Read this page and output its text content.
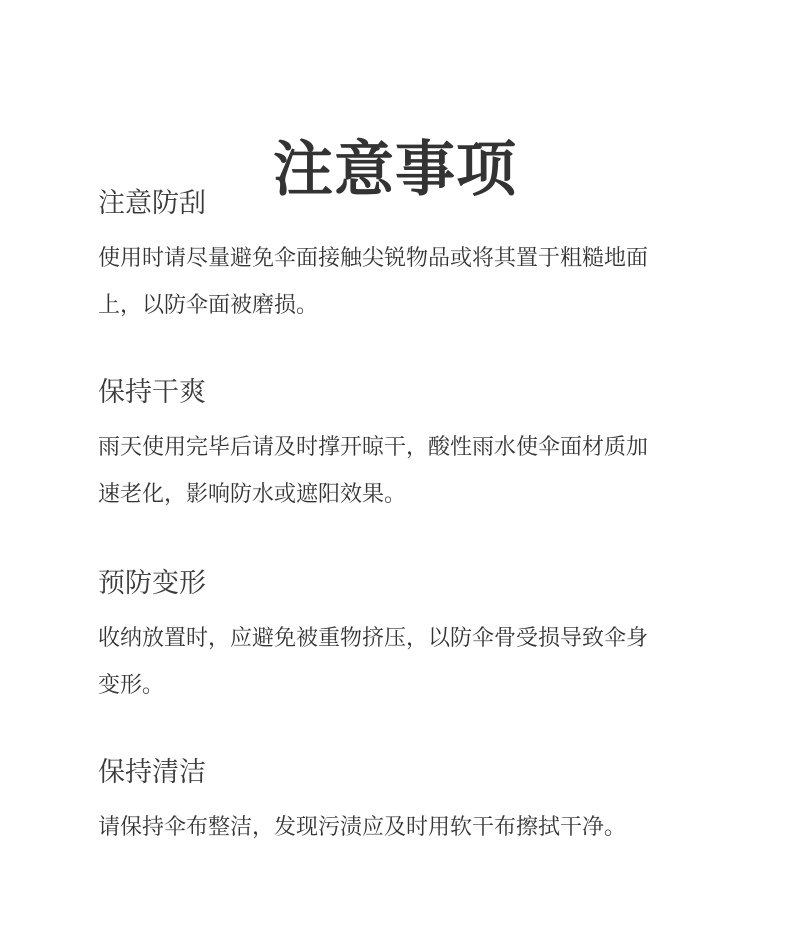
注意事项
注意防刮

使用时请尽量避免伞面接触尖锐物品或将其置于粗糙地面上，以防伞面被磨损。

保持干爽

雨天使用完毕后请及时撑开晾干，酸性雨水使伞面材质加速老化，影响防水或遮阳效果。

预防变形

收纳放置时，应避免被重物挤压，以防伞骨受损导致伞身变形。

保持清洁

请保持伞布整洁，发现污渍应及时用软干布擦拭干净。
